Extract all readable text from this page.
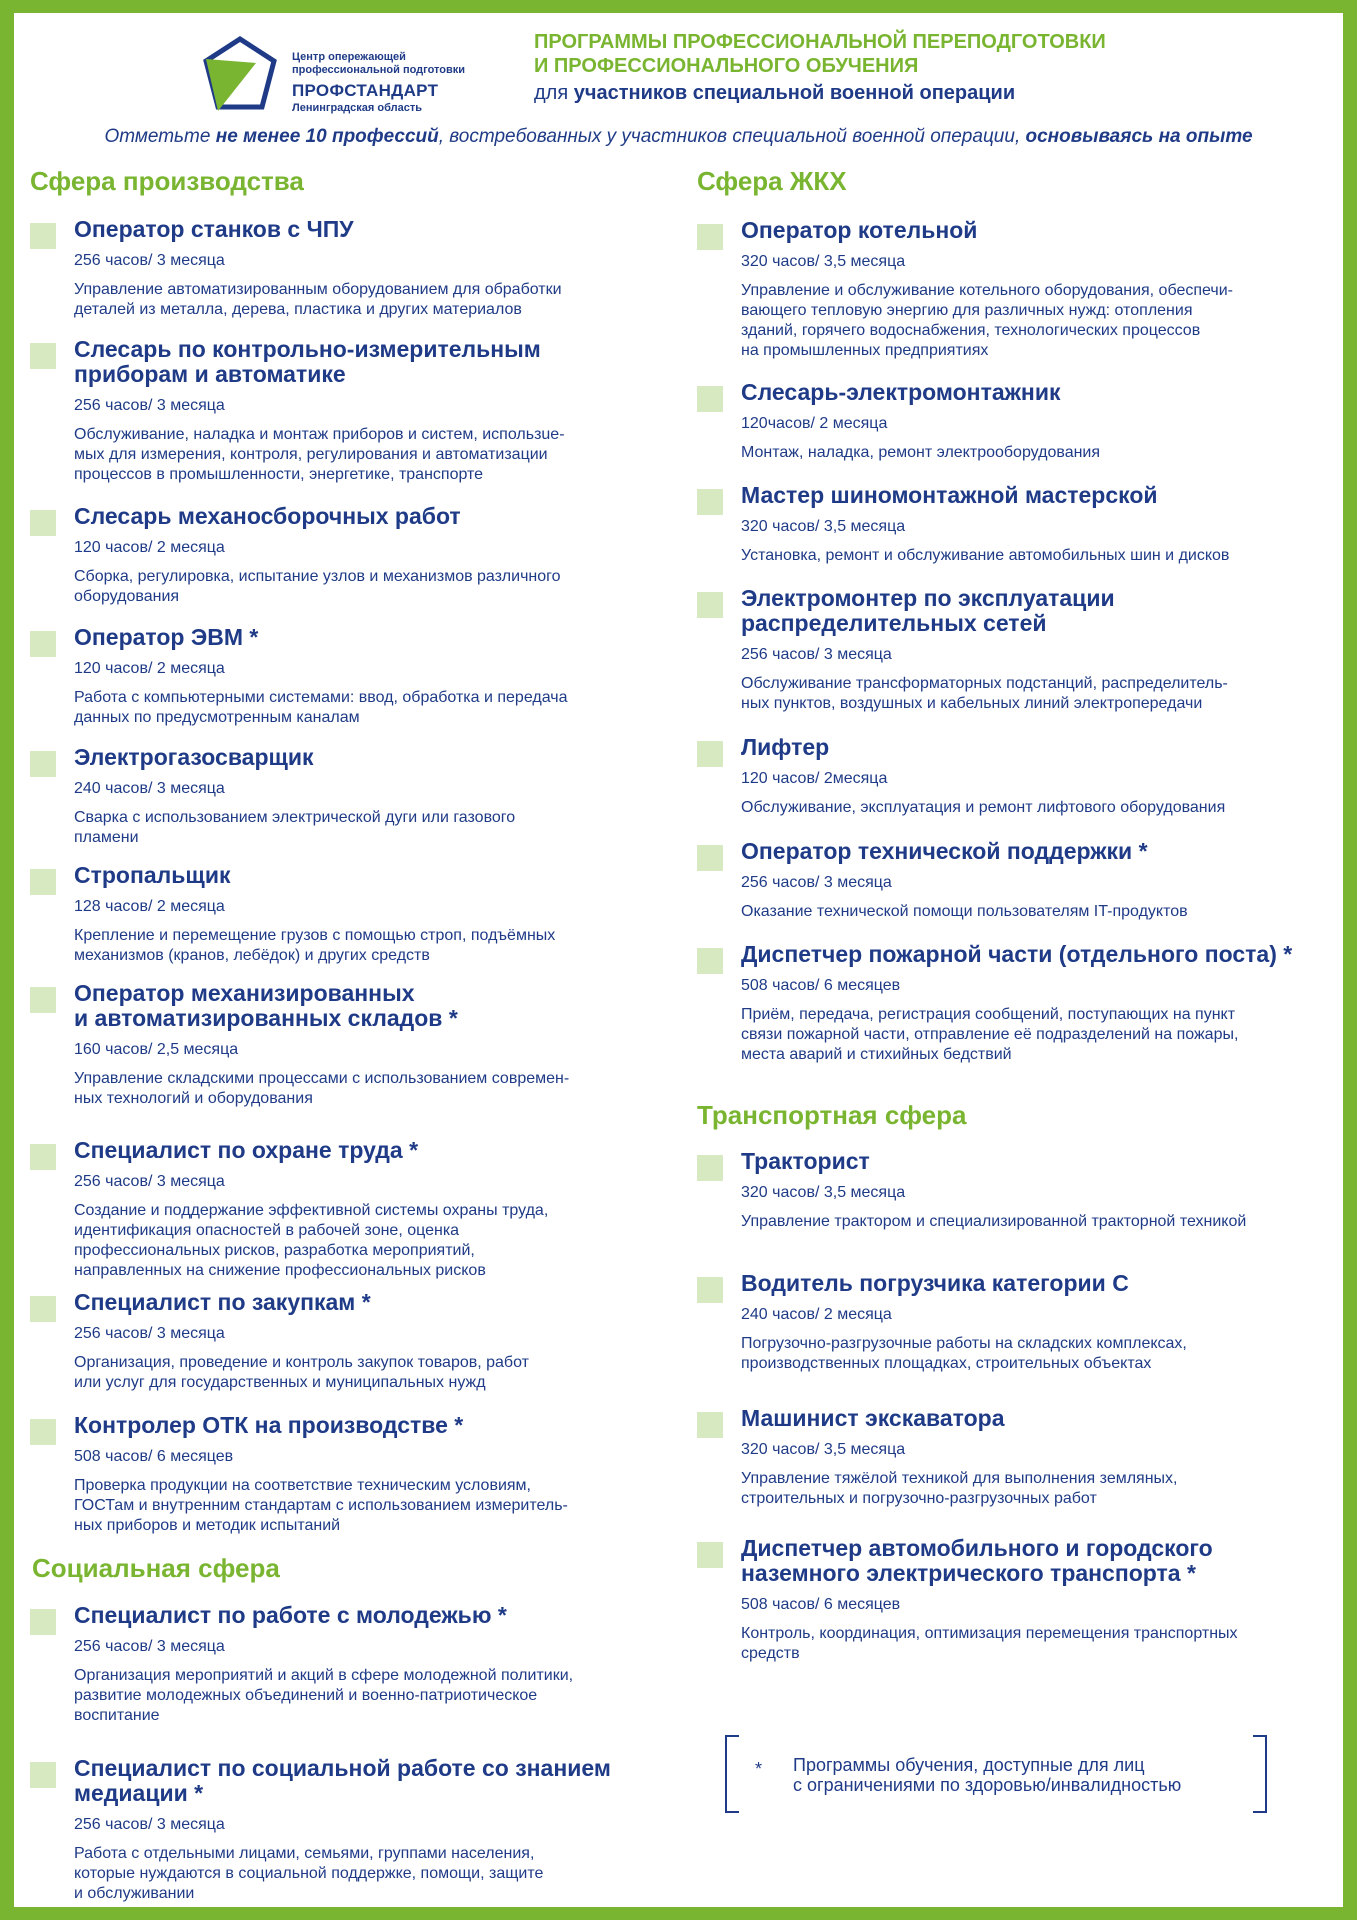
Центр опережающей
профессиональной подготовки
ПРОФСТАНДАРТ
Ленинградская область
ПРОГРАММЫ ПРОФЕССИОНАЛЬНОЙ ПЕРЕПОДГОТОВКИ
И ПРОФЕССИОНАЛЬНОГО ОБУЧЕНИЯ
для участников специальной военной операции
Отметьте не менее 10 профессий, востребованных у участников специальной военной операции, основываясь на опыте
Сфера производства
Оператор станков с ЧПУ
256 часов/ 3 месяца
Управление автоматизированным оборудованием для обработки
деталей из металла, дерева, пластика и других материалов
Слесарь по контрольно-измерительным
приборам и автоматике
256 часов/ 3 месяца
Обслуживание, наладка и монтаж приборов и систем, использue-
мых для измерения, контроля, регулирования и автоматизации
процессов в промышленности, энергетике, транспорте
Слесарь механосборочных работ
120 часов/ 2 месяца
Сборка, регулировка, испытание узлов и механизмов различного
оборудования
Оператор ЭВМ *
120 часов/ 2 месяца
Работа с компьютерными системами: ввод, обработка и передача
данных по предусмотренным каналам
Электрогазосварщик
240 часов/ 3 месяца
Сварка с использованием электрической дуги или газового
пламени
Стропальщик
128 часов/ 2 месяца
Крепление и перемещение грузов с помощью строп, подъёмных
механизмов (кранов, лебёдок) и других средств
Оператор механизированных
и автоматизированных складов *
160 часов/ 2,5 месяца
Управление складскими процессами с использованием современ-
ных технологий и оборудования
Специалист по охране труда *
256 часов/ 3 месяца
Создание и поддержание эффективной системы охраны труда,
идентификация опасностей в рабочей зоне, оценка
профессиональных рисков, разработка мероприятий,
направленных на снижение профессиональных рисков
Специалист по закупкам *
256 часов/ 3 месяца
Организация, проведение и контроль закупок товаров, работ
или услуг для государственных и муниципальных нужд
Контролер ОТК на производстве *
508 часов/ 6 месяцев
Проверка продукции на соответствие техническим условиям,
ГОСТам и внутренним стандартам с использованием измеритель-
ных приборов и методик испытаний
Социальная сфера
Специалист по работе с молодежью *
256 часов/ 3 месяца
Организация мероприятий и акций в сфере молодежной политики,
развитие молодежных объединений и военно-патриотическое
воспитание
Специалист по социальной работе со знанием
медиации *
256 часов/ 3 месяца
Работа с отдельными лицами, семьями, группами населения,
которые нуждаются в социальной поддержке, помощи, защите
и обслуживании
Сфера ЖКХ
Оператор котельной
320 часов/ 3,5 месяца
Управление и обслуживание котельного оборудования, обеспечи-
вающего тепловую энергию для различных нужд: отопления
зданий, горячего водоснабжения, технологических процессов
на промышленных предприятиях
Слесарь-электромонтажник
120часов/ 2 месяца
Монтаж, наладка, ремонт электрооборудования
Мастер шиномонтажной мастерской
320 часов/ 3,5 месяца
Установка, ремонт и обслуживание автомобильных шин и дисков
Электромонтер по эксплуатации
распределительных сетей
256 часов/ 3 месяца
Обслуживание трансформаторных подстанций, распределитель-
ных пунктов, воздушных и кабельных линий электропередачи
Лифтер
120 часов/ 2месяца
Обслуживание, эксплуатация и ремонт лифтового оборудования
Оператор технической поддержки *
256 часов/ 3 месяца
Оказание технической помощи пользователям IT-продуктов
Диспетчер пожарной части (отдельного поста) *
508 часов/ 6 месяцев
Приём, передача, регистрация сообщений, поступающих на пункт
связи пожарной части, отправление её подразделений на пожары,
места аварий и стихийных бедствий
Транспортная сфера
Тракторист
320 часов/ 3,5 месяца
Управление трактором и специализированной тракторной техникой
Водитель погрузчика категории С
240 часов/ 2 месяца
Погрузочно-разгрузочные работы на складских комплексах,
производственных площадках, строительных объектах
Машинист экскаватора
320 часов/ 3,5 месяца
Управление тяжёлой техникой для выполнения земляных,
строительных и погрузочно-разгрузочных работ
Диспетчер автомобильного и городского
наземного электрического транспорта *
508 часов/ 6 месяцев
Контроль, координация, оптимизация перемещения транспортных
средств
* Программы обучения, доступные для лиц
с ограничениями по здоровью/инвалидностью
